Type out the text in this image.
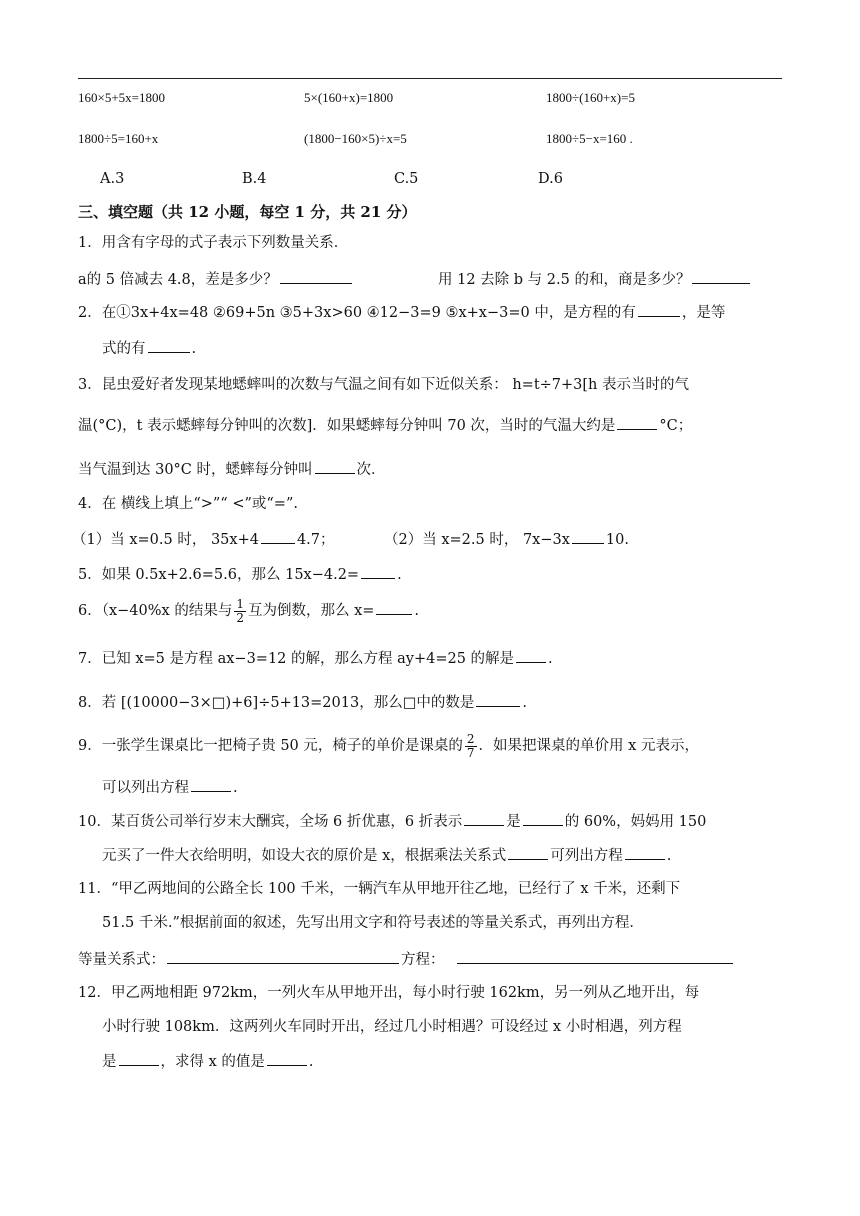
160×5+5x=1800	5×(160+x)=1800	1800÷(160+x)=5
1800÷5=160+x	(1800−160×5)÷x=5	1800÷5−x=160 .
A.3	B.4	C.5	D.6
三、填空题（共 12 小题，每空 1 分，共 21 分）
1．用含有字母的式子表示下列数量关系．
a的 5 倍减去 4.8，差是多少？	用 12 去除 b 与 2.5 的和，商是多少？
2．在①3x+4x=48 ②69+5n ③5+3x>60 ④12−3=9 ⑤x+x−3=0 中，是方程的有	，是等
式的有	.
3．昆虫爱好者发现某地蟋蟀叫的次数与气温之间有如下近似关系： h=t÷7+3[h 表示当时的气
温(°C)，t 表示蟋蟀每分钟叫的次数]．如果蟋蟀每分钟叫 70 次，当时的气温大约是	°C；
当气温到达 30°C 时，蟋蟀每分钟叫	次．
4．在 横线上填上“>”“ <”或“=”.
（1）当 x=0.5 时， 35x+4	4.7；	（2）当 x=2.5 时， 7x−3x 10.
5．如果 0.5x+2.6=5.6，那么 15x−4.2=	.
6．（x−40%x 的结果与 $\frac{1}{2}$ 互为倒数，那么 x=	.
7．已知 x=5 是方程 ax−3=12 的解，那么方程 ay+4=25 的解是 .
8．若 [(10000−3×□)+6]÷5+13=2013，那么□中的数是	.
9．一张学生课桌比一把椅子贵 50 元，椅子的单价是课桌的 $\frac{2}{7}$ ．如果把课桌的单价用 x 元表示，
可以列出方程	.
10．某百货公司举行岁末大酬宾，全场 6 折优惠，6 折表示	是	的 60%，妈妈用 150
元买了一件大衣给明明，如设大衣的原价是 x，根据乘法关系式	可列出方程	.
11．“甲乙两地间的公路全长 100 千米，一辆汽车从甲地开往乙地，已经行了 x 千米，还剩下
51.5 千米.”根据前面的叙述，先写出用文字和符号表述的等量关系式，再列出方程．
等量关系式：	方程：
12．甲乙两地相距 972km，一列火车从甲地开出，每小时行驶 162km，另一列从乙地开出，每
小时行驶 108km．这两列火车同时开出，经过几小时相遇？可设经过 x 小时相遇，列方程
是	，求得 x 的值是	.
